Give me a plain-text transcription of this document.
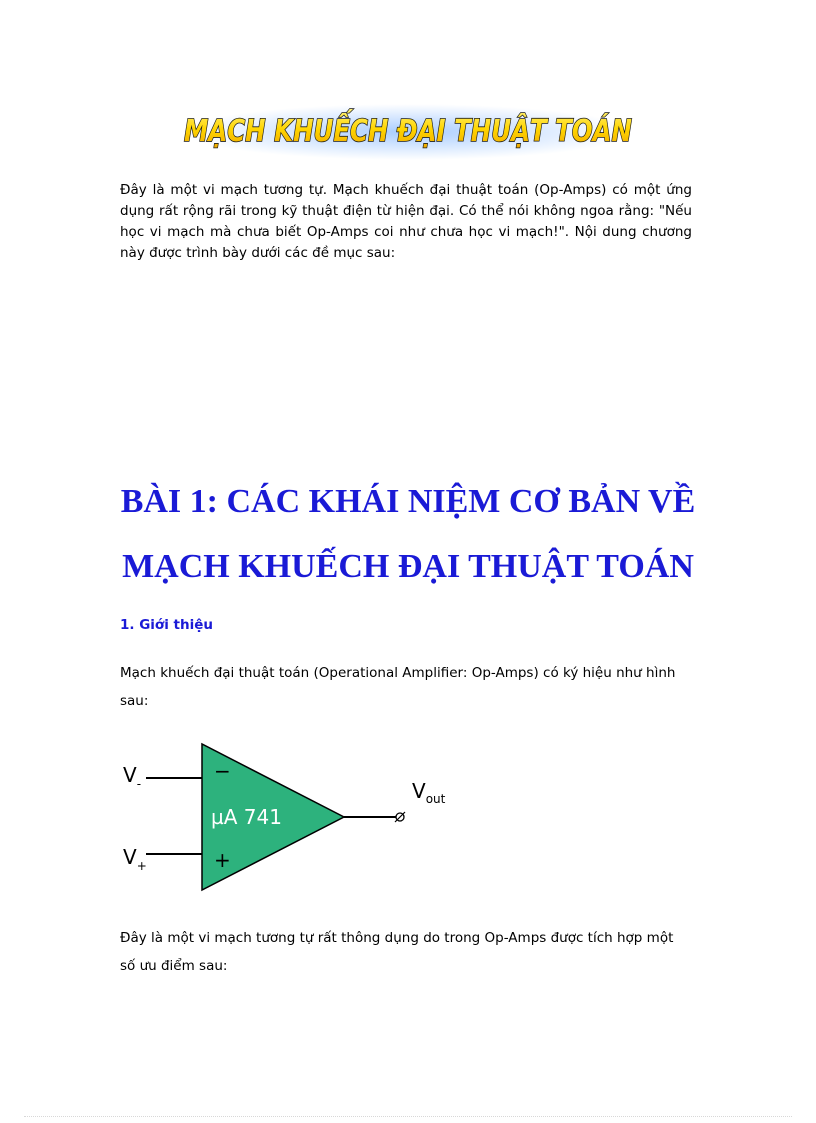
MẠCH KHUẾCH ĐẠI THUẬT TOÁN

Đây là một vi mạch tương tự. Mạch khuếch đại thuật toán (Op-Amps) có một ứng dụng rất rộng rãi trong kỹ thuật điện từ hiện đại. Có thể nói không ngoa rằng: "Nếu học vi mạch mà chưa biết Op-Amps coi như chưa học vi mạch!". Nội dung chương này được trình bày dưới các đề mục sau:

BÀI 1: CÁC KHÁI NIỆM CƠ BẢN VỀ
MẠCH KHUẾCH ĐẠI THUẬT TOÁN

1. Giới thiệu

Mạch khuếch đại thuật toán (Operational Amplifier: Op-Amps) có ký hiệu như hình sau:

$V_-$
$V_+$
−
+
µA 741
$V_{out}$

Đây là một vi mạch tương tự rất thông dụng do trong Op-Amps được tích hợp một số ưu điểm sau:
